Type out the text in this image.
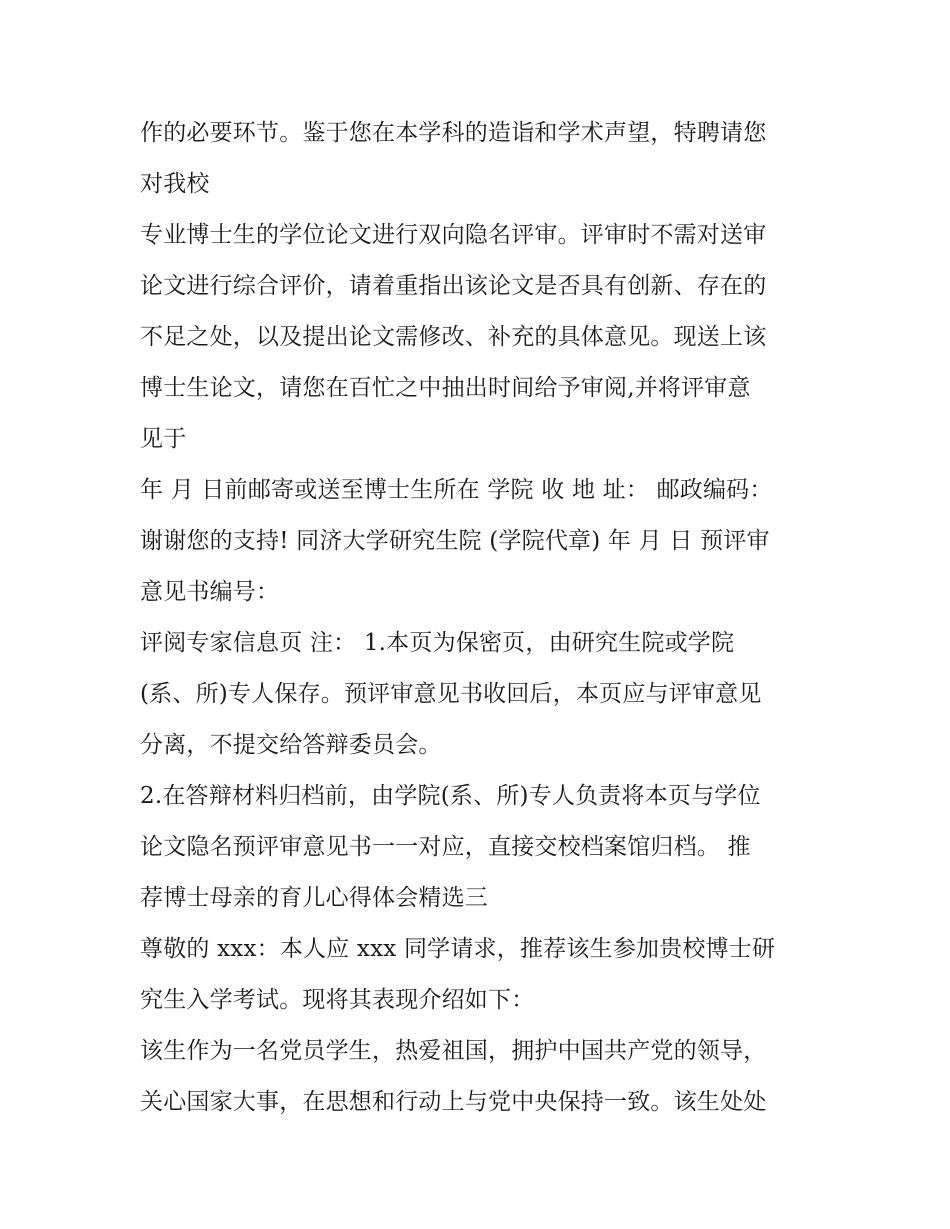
作的必要环节。鉴于您在本学科的造诣和学术声望，特聘请您
对我校
专业博士生的学位论文进行双向隐名评审。评审时不需对送审
论文进行综合评价，请着重指出该论文是否具有创新、存在的
不足之处，以及提出论文需修改、补充的具体意见。现送上该
博士生论文，请您在百忙之中抽出时间给予审阅,并将评审意
见于
年 月 日前邮寄或送至博士生所在 学院 收 地 址： 邮政编码：
谢谢您的支持! 同济大学研究生院 (学院代章) 年 月 日 预评审
意见书编号：
评阅专家信息页 注： 1.本页为保密页，由研究生院或学院
(系、所)专人保存。预评审意见书收回后，本页应与评审意见
分离，不提交给答辩委员会。
2.在答辩材料归档前，由学院(系、所)专人负责将本页与学位
论文隐名预评审意见书一一对应，直接交校档案馆归档。 推
荐博士母亲的育儿心得体会精选三
尊敬的 xxx：本人应 xxx 同学请求，推荐该生参加贵校博士研
究生入学考试。现将其表现介绍如下：
该生作为一名党员学生，热爱祖国，拥护中国共产党的领导，
关心国家大事，在思想和行动上与党中央保持一致。该生处处
